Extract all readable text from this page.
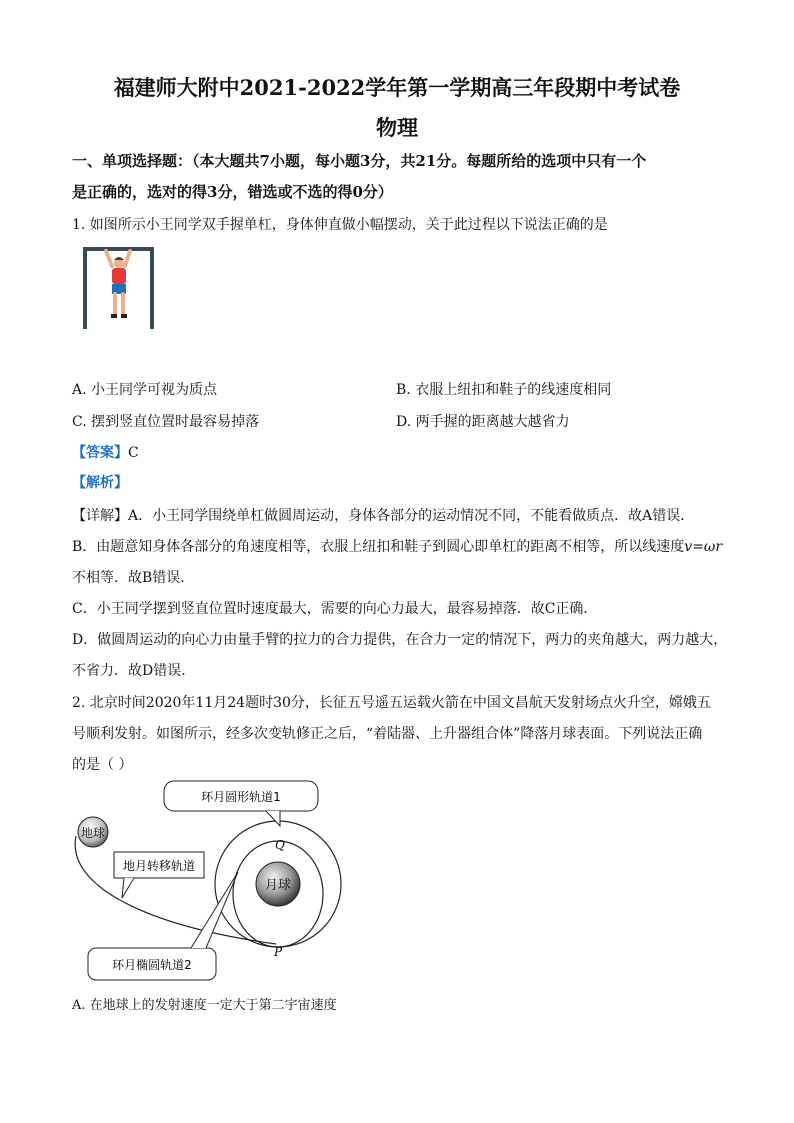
福建师大附中2021-2022学年第一学期高三年段期中考试卷
物理
一、单项选择题：（本大题共7小题，每小题3分，共21分。每题所给的选项中只有一个
是正确的，选对的得3分，错选或不选的得0分）
1. 如图所示小王同学双手握单杠，身体伸直做小幅摆动，关于此过程以下说法正确的是
A. 小王同学可视为质点	B. 衣服上纽扣和鞋子的线速度相同
C. 摆到竖直位置时最容易掉落	D. 两手握的距离越大越省力
【答案】C
【解析】
【详解】A．小王同学围绕单杠做圆周运动，身体各部分的运动情况不同，不能看做质点．故A错误．
B．由题意知身体各部分的角速度相等，衣服上纽扣和鞋子到圆心即单杠的距离不相等，所以线速度v=ωr
不相等．故B错误．
C．小王同学摆到竖直位置时速度最大，需要的向心力最大，最容易掉落．故C正确．
D．做圆周运动的向心力由量手臂的拉力的合力提供，在合力一定的情况下，两力的夹角越大，两力越大，
不省力．故D错误．
2. 北京时间2020年11月24题时30分，长征五号遥五运载火箭在中国文昌航天发射场点火升空，嫦娥五
号顺利发射。如图所示，经多次变轨修正之后，“着陆器、上升器组合体”降落月球表面。下列说法正确
的是（ ）
月球
地球
环月圆形轨道1
地月转移轨道
环月椭圆轨道2
Q
P
A. 在地球上的发射速度一定大于第二宇宙速度
